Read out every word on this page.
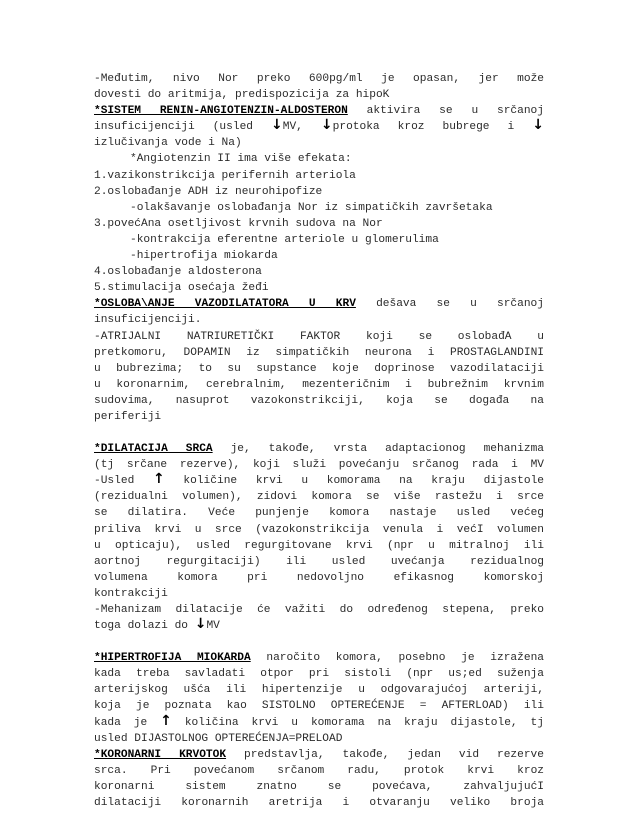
-Međutim, nivo Nor preko 600pg/ml je opasan, jer može

dovesti do aritmija, predispozicija za hipoK

*SISTEM RENIN-ANGIOTENZIN-ALDOSTERON aktivira se u srčanoj

insuficijenciji (usled ↓MV, ↓protoka kroz bubrege i ↓

izlučivanja vode i Na)

*Angiotenzin II ima više efekata:

1.vazikonstrikcija perifernih arteriola

2.oslobađanje ADH iz neurohipofize

-olakšavanje oslobađanja Nor iz simpatičkih završetaka

3.povećAna osetljivost krvnih sudova na Nor

-kontrakcija eferentne arteriole u glomerulima

-hipertrofija miokarda

4.oslobađanje aldosterona

5.stimulacija osećaja žeđi

*OSLOBA\ANJE VAZODILATATORA U KRV dešava se u srčanoj

insuficijenciji.

-ATRIJALNI NATRIURETIČKI FAKTOR koji se oslobađA u

pretkomoru, DOPAMIN iz simpatičkih neurona i PROSTAGLANDINI

u bubrezima; to su supstance koje doprinose vazodilataciji

u koronarnim, cerebralnim, mezenteričnim i bubrežnim krvnim

sudovima, nasuprot vazokonstrikciji, koja se događa na

periferiji

*DILATACIJA SRCA je, takođe, vrsta adaptacionog mehanizma

(tj srčane rezerve), koji služi povećanju srčanog rada i MV

-Usled ↑ količine krvi u komorama na kraju dijastole

(rezidualni volumen), zidovi komora se više rastežu i srce

se dilatira. Veće punjenje komora nastaje usled većeg

priliva krvi u srce (vazokonstrikcija venula i većI volumen

u opticaju), usled regurgitovane krvi (npr u mitralnoj ili

aortnoj regurgitaciji) ili usled uvećanja rezidualnog

volumena komora pri nedovoljno efikasnog komorskoj

kontrakciji

-Mehanizam dilatacije će važiti do određenog stepena, preko

toga dolazi do ↓MV

*HIPERTROFIJA MIOKARDA naročito komora, posebno je izražena

kada treba savladati otpor pri sistoli (npr us;ed suženja

arterijskog ušća ili hipertenzije u odgovarajućoj arteriji,

koja je poznata kao SISTOLNO OPTEREĆENJE = AFTERLOAD) ili

kada je ↑ količina krvi u komorama na kraju dijastole, tj

usled DIJASTOLNOG OPTEREĆENJA=PRELOAD

*KORONARNI KRVOTOK predstavlja, takođe, jedan vid rezerve

srca. Pri povećanom srčanom radu, protok krvi kroz

koronarni sistem znatno se povećava, zahvaljujućI

dilataciji koronarnih aretrija i otvaranju veliko broja
